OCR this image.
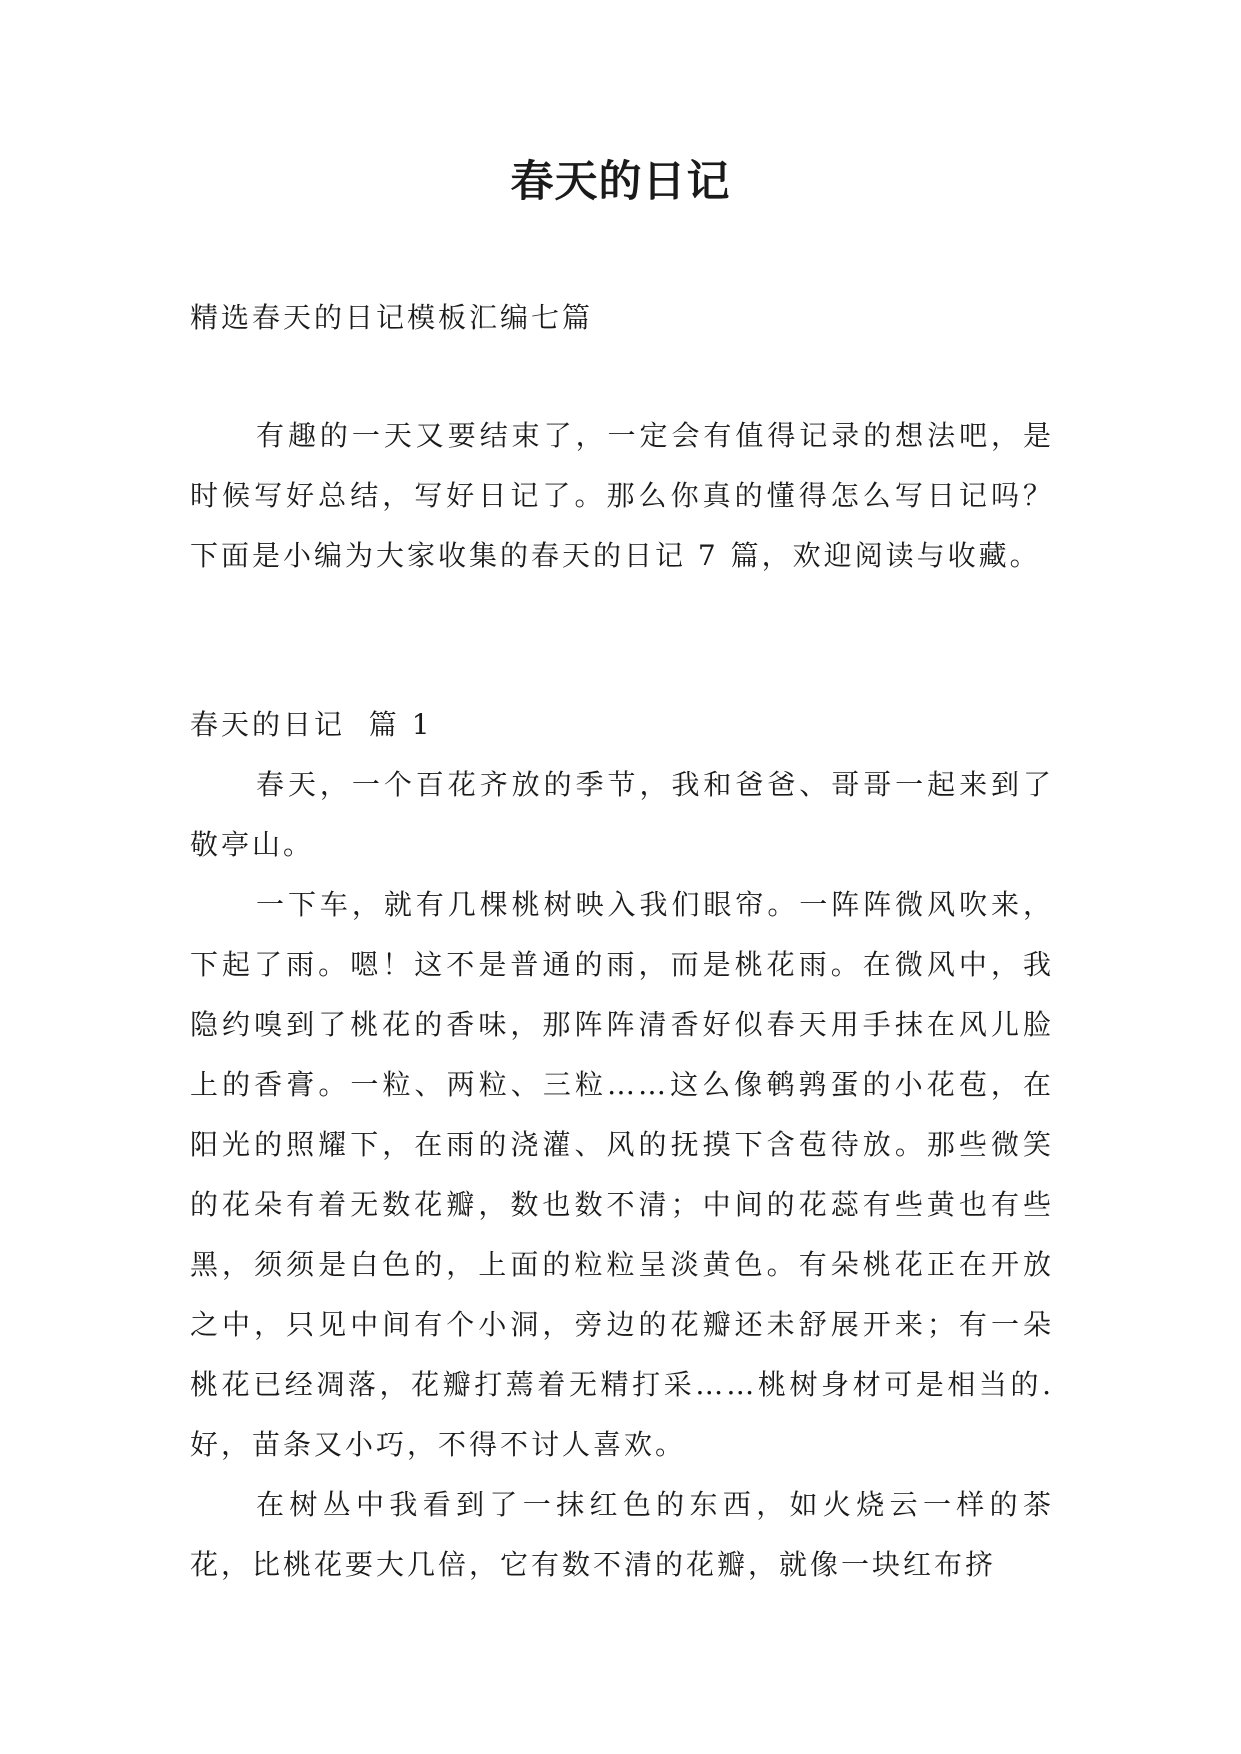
春天的日记
精选春天的日记模板汇编七篇

有趣的一天又要结束了，一定会有值得记录的想法吧，是时候写好总结，写好日记了。那么你真的懂得怎么写日记吗？下面是小编为大家收集的春天的日记 7 篇，欢迎阅读与收藏。

春天的日记  篇 1

春天，一个百花齐放的季节，我和爸爸、哥哥一起来到了敬亭山。

一下车，就有几棵桃树映入我们眼帘。一阵阵微风吹来，下起了雨。嗯！这不是普通的雨，而是桃花雨。在微风中，我隐约嗅到了桃花的香味，那阵阵清香好似春天用手抹在风儿脸上的香膏。一粒、两粒、三粒……这么像鹌鹑蛋的小花苞，在阳光的照耀下，在雨的浇灌、风的抚摸下含苞待放。那些微笑的花朵有着无数花瓣，数也数不清；中间的花蕊有些黄也有些黑，须须是白色的，上面的粒粒呈淡黄色。有朵桃花正在开放之中，只见中间有个小洞，旁边的花瓣还未舒展开来；有一朵桃花已经凋落，花瓣打蔫着无精打采……桃树身材可是相当的.好，苗条又小巧，不得不讨人喜欢。

在树丛中我看到了一抹红色的东西，如火烧云一样的茶花，比桃花要大几倍，它有数不清的花瓣，就像一块红布挤
